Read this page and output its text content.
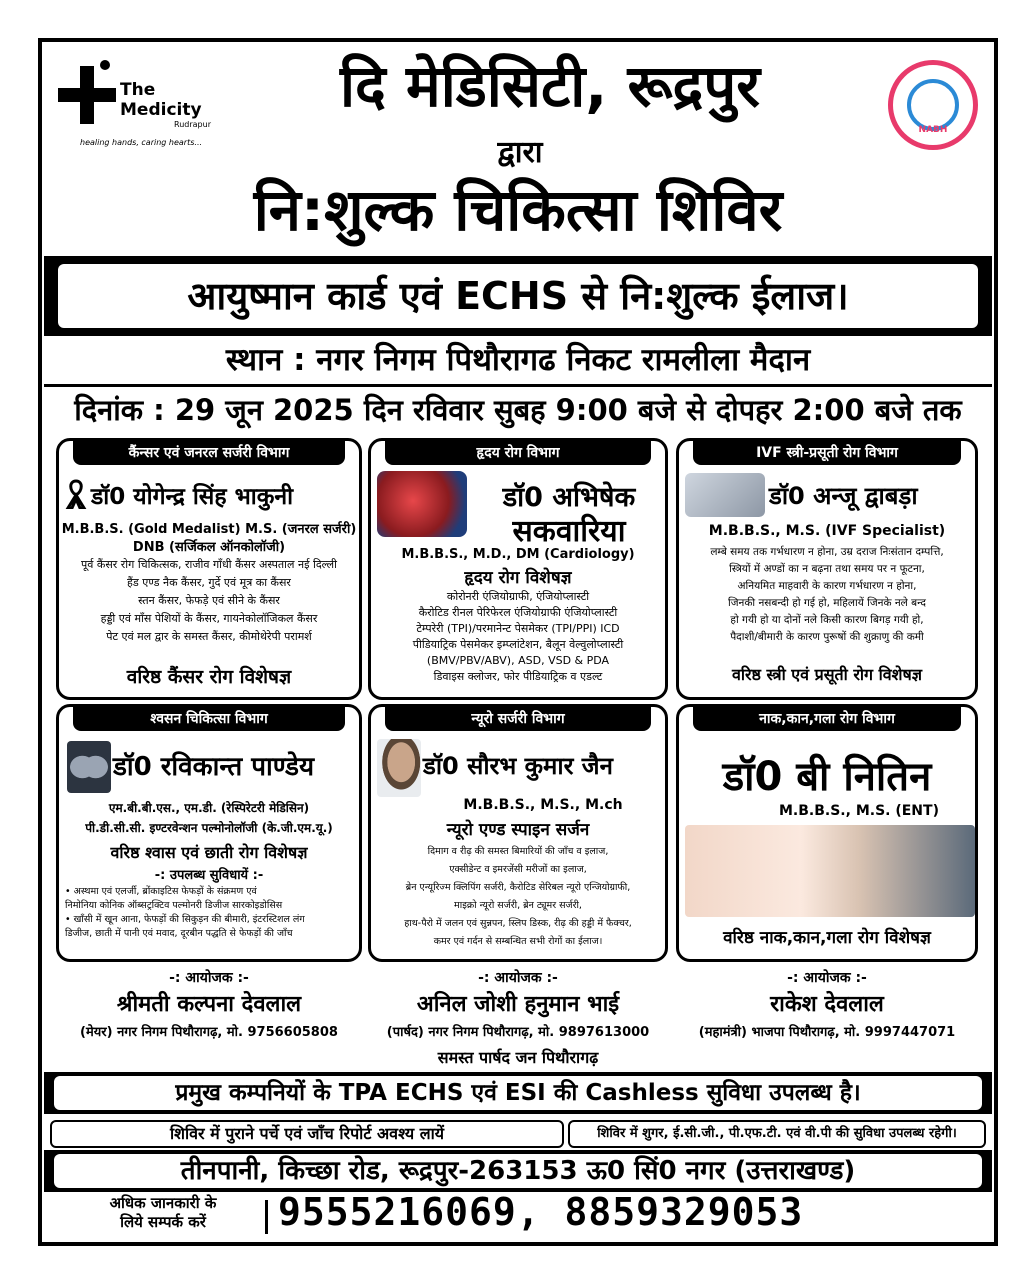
The
Medicity
Rudrapur
healing hands, caring hearts...
NABH
दि मेडिसिटी, रूद्रपुर
द्वारा
नि:शुल्क चिकित्सा शिविर
आयुष्मान कार्ड एवं ECHS से नि:शुल्क ईलाज।
स्थान : नगर निगम पिथौरागढ निकट रामलीला मैदान
दिनांक : 29 जून 2025 दिन रविवार सुबह 9:00 बजे से दोपहर 2:00 बजे तक
कैंन्सर एवं जनरल सर्जरी विभाग
डॉ0 योगेन्द्र सिंह भाकुनी
M.B.B.S. (Gold Medalist) M.S. (जनरल सर्जरी)
DNB (सर्जिकल ऑनकोलॉजी)
पूर्व कैंसर रोग चिकित्सक, राजीव गाँधी कैंसर अस्पताल नई दिल्ली
हैंड एण्ड नैक कैंसर, गुर्दे एवं मूत्र का कैंसर
स्तन कैंसर, फेफड़े एवं सीने के कैंसर
हड्डी एवं माँस पेशियों के कैंसर, गायनेकोलॉजिकल कैंसर
पेट एवं मल द्वार के समस्त कैंसर, कीमोथेरेपी परामर्श
वरिष्ठ कैंसर रोग विशेषज्ञ
हृदय रोग विभाग
डॉ0 अभिषेक
सकवारिया
M.B.B.S., M.D., DM (Cardiology)
हृदय रोग विशेषज्ञ
कोरोनरी एंजियोग्राफी, एंजियोप्लास्टी
कैरोटिड रीनल पेरिफेरल एंजियोग्राफी एंजियोप्लास्टी
टेम्परेरी (TPI)/परमानेन्ट पेसमेकर (TPI/PPI) ICD
पीडियाट्रिक पेसमेकर इम्प्लांटेशन, बैलून वेल्वुलोप्लास्टी
(BMV/PBV/ABV), ASD, VSD & PDA
डिवाइस क्लोजर, फोर पीडियाट्रिक व एडल्ट
IVF स्त्री-प्रसूती रोग विभाग
डॉ0 अन्जू द्वाबड़ा
M.B.B.S., M.S. (IVF Specialist)
लम्बे समय तक गर्भधारण न होना, उम्र दराज निःसंतान दम्पत्ति,
स्त्रियों में अण्डों का न बढ़ना तथा समय पर न फूटना,
अनियमित माहवारी के कारण गर्भधारण न होना,
जिनकी नसबन्दी हो गई हो, महिलायें जिनके नले बन्द
हो गयी हो या दोनों नले किसी कारण बिगड़ गयी हो,
पैदाशी/बीमारी के कारण पुरूषों की शुक्राणु की कमी
वरिष्ठ स्त्री एवं प्रसूती रोग विशेषज्ञ
श्वसन चिकित्सा विभाग
डॉ0 रविकान्त पाण्डेय
एम.बी.बी.एस., एम.डी. (रेस्पिरेटरी मेडिसिन)
पी.डी.सी.सी. इण्टरवेन्शन पल्मोनोलॉजी (के.जी.एम.यू.)
वरिष्ठ श्वास एवं छाती रोग विशेषज्ञ
-: उपलब्ध सुविधायें :-
• अस्थमा एवं एलर्जी, ब्रोंकाइटिस फेफड़ों के संक्रमण एवं
निमोनिया कोनिक ऑब्सट्रक्टिव पल्मोनरी डिजीज सारकोइडोसिस
• खाँसी में खून आना, फेफड़ों की सिकुड़न की बीमारी, इंटरस्टिशल लंग
डिजीज, छाती में पानी एवं मवाद, दूरबीन पद्धति से फेफड़ों की जाँच
न्यूरो सर्जरी विभाग
डॉ0 सौरभ कुमार जैन
M.B.B.S., M.S., M.ch
न्यूरो एण्ड स्पाइन सर्जन
दिमाग व रीढ़ की समस्त बिमारियों की जाँच व इलाज,
एक्सीडेन्ट व इमरजेंसी मरीजों का इलाज,
ब्रेन एन्यूरिज्म क्लिपिंग सर्जरी, कैरोटिड सेरिबल न्यूरो एन्जियोग्राफी,
माइक्रो न्यूरो सर्जरी, ब्रेन ट्यूमर सर्जरी,
हाथ-पैरो में जलन एवं सुन्नपन, स्लिप डिस्क, रीढ़ की हड्डी में फैक्चर,
कमर एवं गर्दन से सम्बन्धित सभी रोगों का ईलाज।
नाक,कान,गला रोग विभाग
डॉ0 बी नितिन
M.B.B.S., M.S. (ENT)
वरिष्ठ नाक,कान,गला रोग विशेषज्ञ
-: आयोजक :-
श्रीमती कल्पना देवलाल
(मेयर) नगर निगम पिथौरागढ़, मो. 9756605808
-: आयोजक :-
अनिल जोशी हनुमान भाई
(पार्षद) नगर निगम पिथौरागढ़, मो. 9897613000
समस्त पार्षद जन पिथौरागढ़
-: आयोजक :-
राकेश देवलाल
(महामंत्री) भाजपा पिथौरागढ़, मो. 9997447071
प्रमुख कम्पनियों के TPA ECHS एवं ESI की Cashless सुविधा उपलब्ध है।
शिविर में पुराने पर्चे एवं जाँच रिपोर्ट अवश्य लायें	शिविर में शुगर, ई.सी.जी., पी.एफ.टी. एवं वी.पी की सुविधा उपलब्ध रहेगी।
तीनपानी, किच्छा रोड, रूद्रपुर-263153 ऊ0 सिं0 नगर (उत्तराखण्ड)
अधिक जानकारी के
लिये सम्पर्क करें	9555216069, 8859329053
